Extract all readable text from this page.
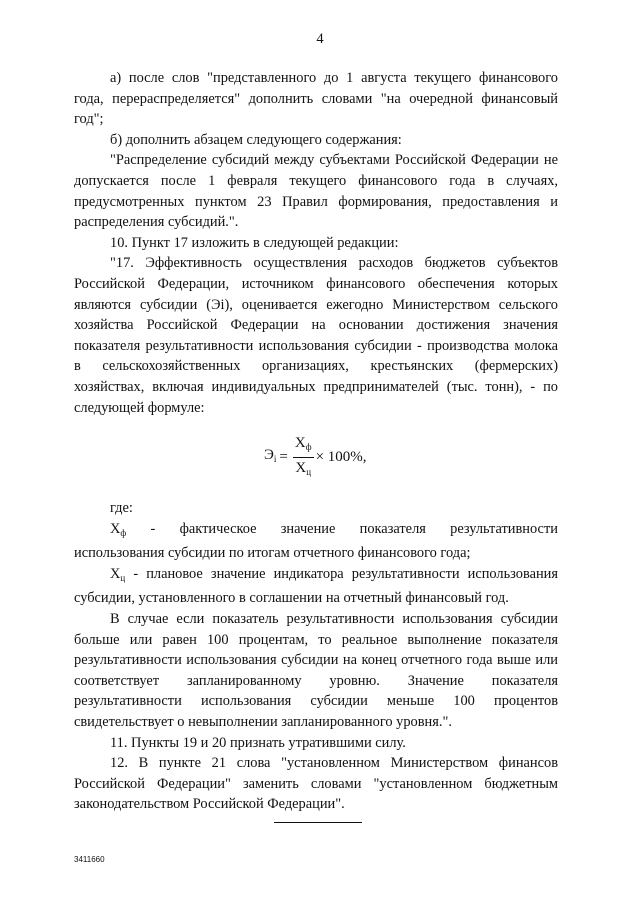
4

а) после слов "представленного до 1 августа текущего финансового года, перераспределяется" дополнить словами "на очередной финансовый год";

б) дополнить абзацем следующего содержания:

"Распределение субсидий между субъектами Российской Федерации не допускается после 1 февраля текущего финансового года в случаях, предусмотренных пунктом 23 Правил формирования, предоставления и распределения субсидий.".

10. Пункт 17 изложить в следующей редакции:

"17. Эффективность осуществления расходов бюджетов субъектов Российской Федерации, источником финансового обеспечения которых являются субсидии (Эi), оценивается ежегодно Министерством сельского хозяйства Российской Федерации на основании достижения значения показателя результативности использования субсидии - производства молока в сельскохозяйственных организациях, крестьянских (фермерских) хозяйствах, включая индивидуальных предпринимателей (тыс. тонн), - по следующей формуле:

$Э_i = \frac{Х_ф}{Х_ц} \times 100\%$,

где:

$Х_ф$ - фактическое значение показателя результативности

использования субсидии по итогам отчетного финансового года;

$Х_ц$ - плановое значение индикатора результативности использования субсидии, установленного в соглашении на отчетный финансовый год.

В случае если показатель результативности использования субсидии больше или равен 100 процентам, то реальное выполнение показателя результативности использования субсидии на конец отчетного года выше или соответствует запланированному уровню. Значение показателя результативности использования субсидии меньше 100 процентов свидетельствует о невыполнении запланированного уровня.".

11. Пункты 19 и 20 признать утратившими силу.

12. В пункте 21 слова "установленном Министерством финансов Российской Федерации" заменить словами "установленном бюджетным законодательством Российской Федерации".

3411660
